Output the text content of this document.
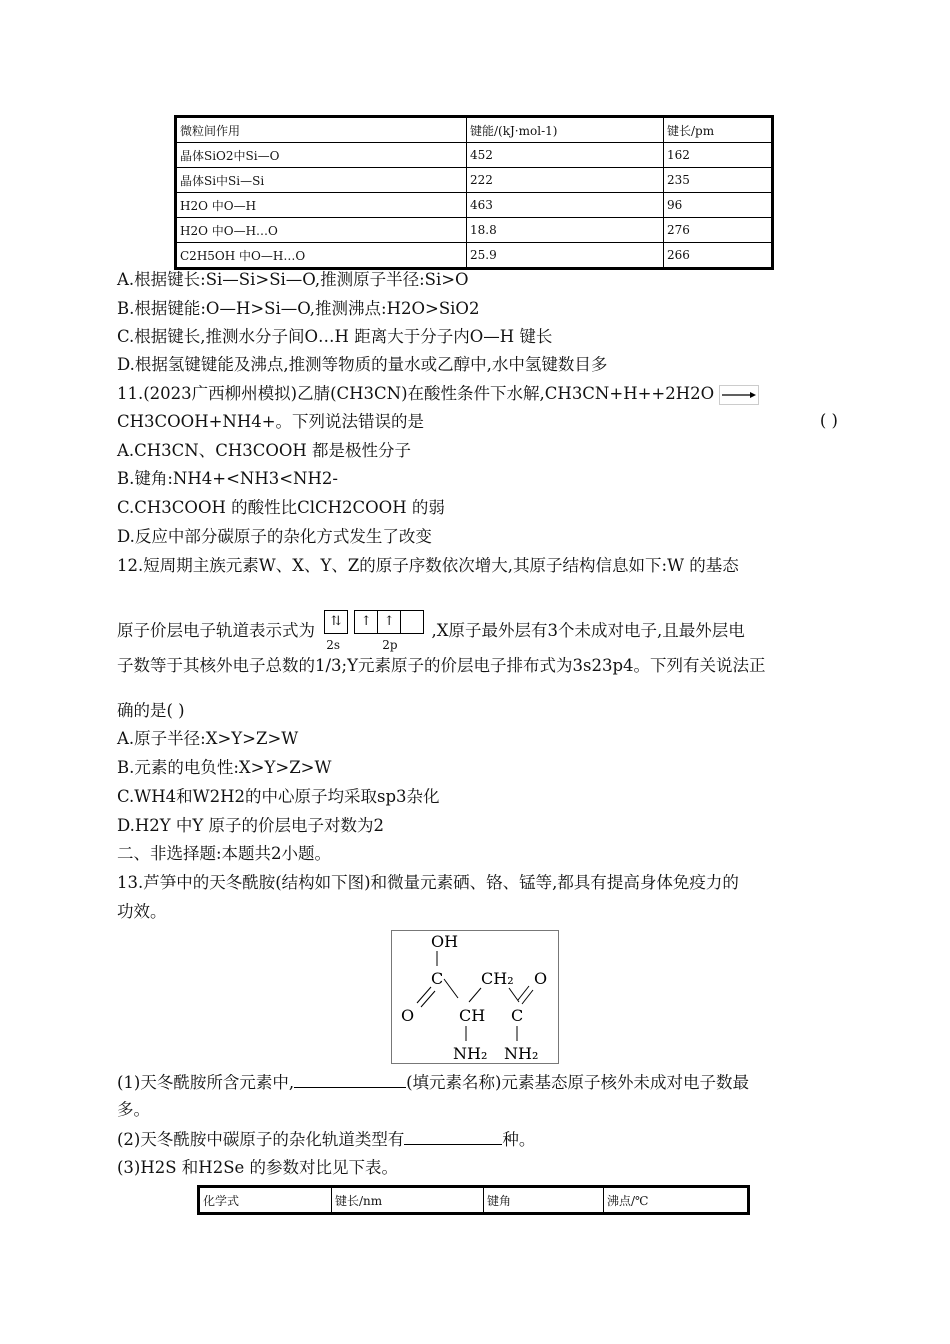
微粒间作用	键能/(kJ·mol-1)	键长/pm
晶体SiO2中Si—O	452	162
晶体Si中Si—Si	222	235
H2O 中O—H	463	96
H2O 中O—H…O	18.8	276
C2H5OH 中O—H…O	25.9	266
A.根据键长:Si—Si>Si—O,推测原子半径:Si>O
B.根据键能:O—H>Si—O,推测沸点:H2O>SiO2
C.根据键长,推测水分子间O…H 距离大于分子内O—H 键长
D.根据氢键键能及沸点,推测等物质的量水或乙醇中,水中氢键数目多
11.(2023广西柳州模拟)乙腈(CH3CN)在酸性条件下水解,CH3CN+H++2H2O
CH3COOH+NH4+。下列说法错误的是	( )
A.CH3CN、CH3COOH 都是极性分子
B.键角:NH4+<NH3<NH2-
C.CH3COOH 的酸性比ClCH2COOH 的弱
D.反应中部分碳原子的杂化方式发生了改变
12.短周期主族元素W、X、Y、Z的原子序数依次增大,其原子结构信息如下:W 的基态
原子价层电子轨道表示式为	⇅	↑ ↑
2s	2p
,X原子最外层有3个未成对电子,且最外层电
子数等于其核外电子总数的1/3;Y元素原子的价层电子排布式为3s23p4。下列有关说法正
确的是( )
A.原子半径:X>Y>Z>W
B.元素的电负性:X>Y>Z>W
C.WH4和W2H2的中心原子均采取sp3杂化
D.H2Y 中Y 原子的价层电子对数为2
二、非选择题:本题共2小题。
13.芦笋中的天冬酰胺(结构如下图)和微量元素硒、铬、锰等,都具有提高身体免疫力的
功效。
OH
C CH₂ O
O	CH C
NH₂ NH₂
(1)天冬酰胺所含元素中,	(填元素名称)元素基态原子核外未成对电子数最
多。
(2)天冬酰胺中碳原子的杂化轨道类型有	种。
(3)H2S 和H2Se 的参数对比见下表。
化学式	键长/nm	键角	沸点/℃
